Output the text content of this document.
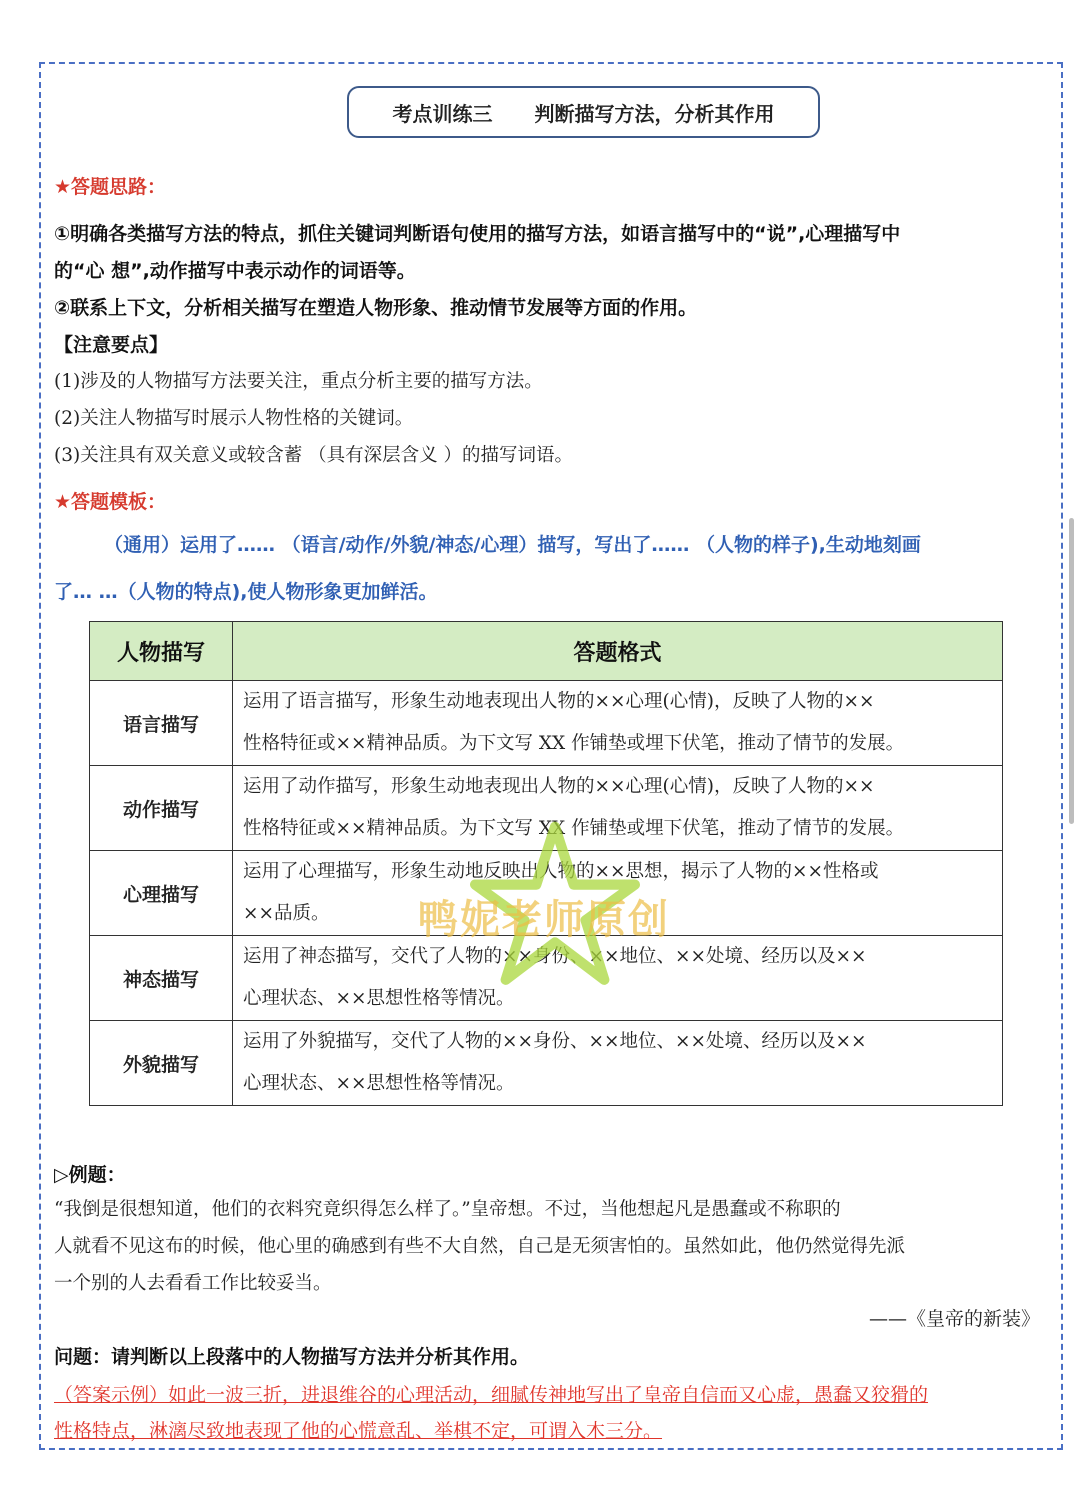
考点训练三 判断描写方法，分析其作用
★答题思路：
①明确各类描写方法的特点，抓住关键词判断语句使用的描写方法，如语言描写中的“说”,心理描写中
的“心 想”,动作描写中表示动作的词语等。
②联系上下文，分析相关描写在塑造人物形象、推动情节发展等方面的作用。
【注意要点】
(1)涉及的人物描写方法要关注，重点分析主要的描写方法。
(2)关注人物描写时展示人物性格的关键词。
(3)关注具有双关意义或较含蓄 （具有深层含义 ）的描写词语。
★答题模板：
（通用）运用了…… （语言/动作/外貌/神态/心理）描写，写出了…… （人物的样子),生动地刻画
了… …（人物的特点),使人物形象更加鲜活。
人物描写	答题格式
语言描写	运用了语言描写，形象生动地表现出人物的××心理(心情)，反映了人物的××
性格特征或××精神品质。为下文写 XX 作铺垫或埋下伏笔，推动了情节的发展。

动作描写	运用了动作描写，形象生动地表现出人物的××心理(心情)，反映了人物的××
性格特征或××精神品质。为下文写 XX 作铺垫或埋下伏笔，推动了情节的发展。

心理描写	运用了心理描写，形象生动地反映出人物的××思想，揭示了人物的××性格或
××品质。

神态描写	运用了神态描写，交代了人物的××身份、××地位、××处境、经历以及××
心理状态、××思想性格等情况。

外貌描写	运用了外貌描写，交代了人物的××身份、××地位、××处境、经历以及××
心理状态、××思想性格等情况。
鸭妮老师原创
▷例题：
“我倒是很想知道，他们的衣料究竟织得怎么样了。”皇帝想。不过，当他想起凡是愚蠢或不称职的
人就看不见这布的时候，他心里的确感到有些不大自然，自己是无须害怕的。虽然如此，他仍然觉得先派
一个别的人去看看工作比较妥当。
——《皇帝的新装》
问题：请判断以上段落中的人物描写方法并分析其作用。
（答案示例）如此一波三折，进退维谷的心理活动，细腻传神地写出了皇帝自信而又心虚，愚蠢又狡猾的
性格特点，淋漓尽致地表现了他的心慌意乱、举棋不定，可谓入木三分。
